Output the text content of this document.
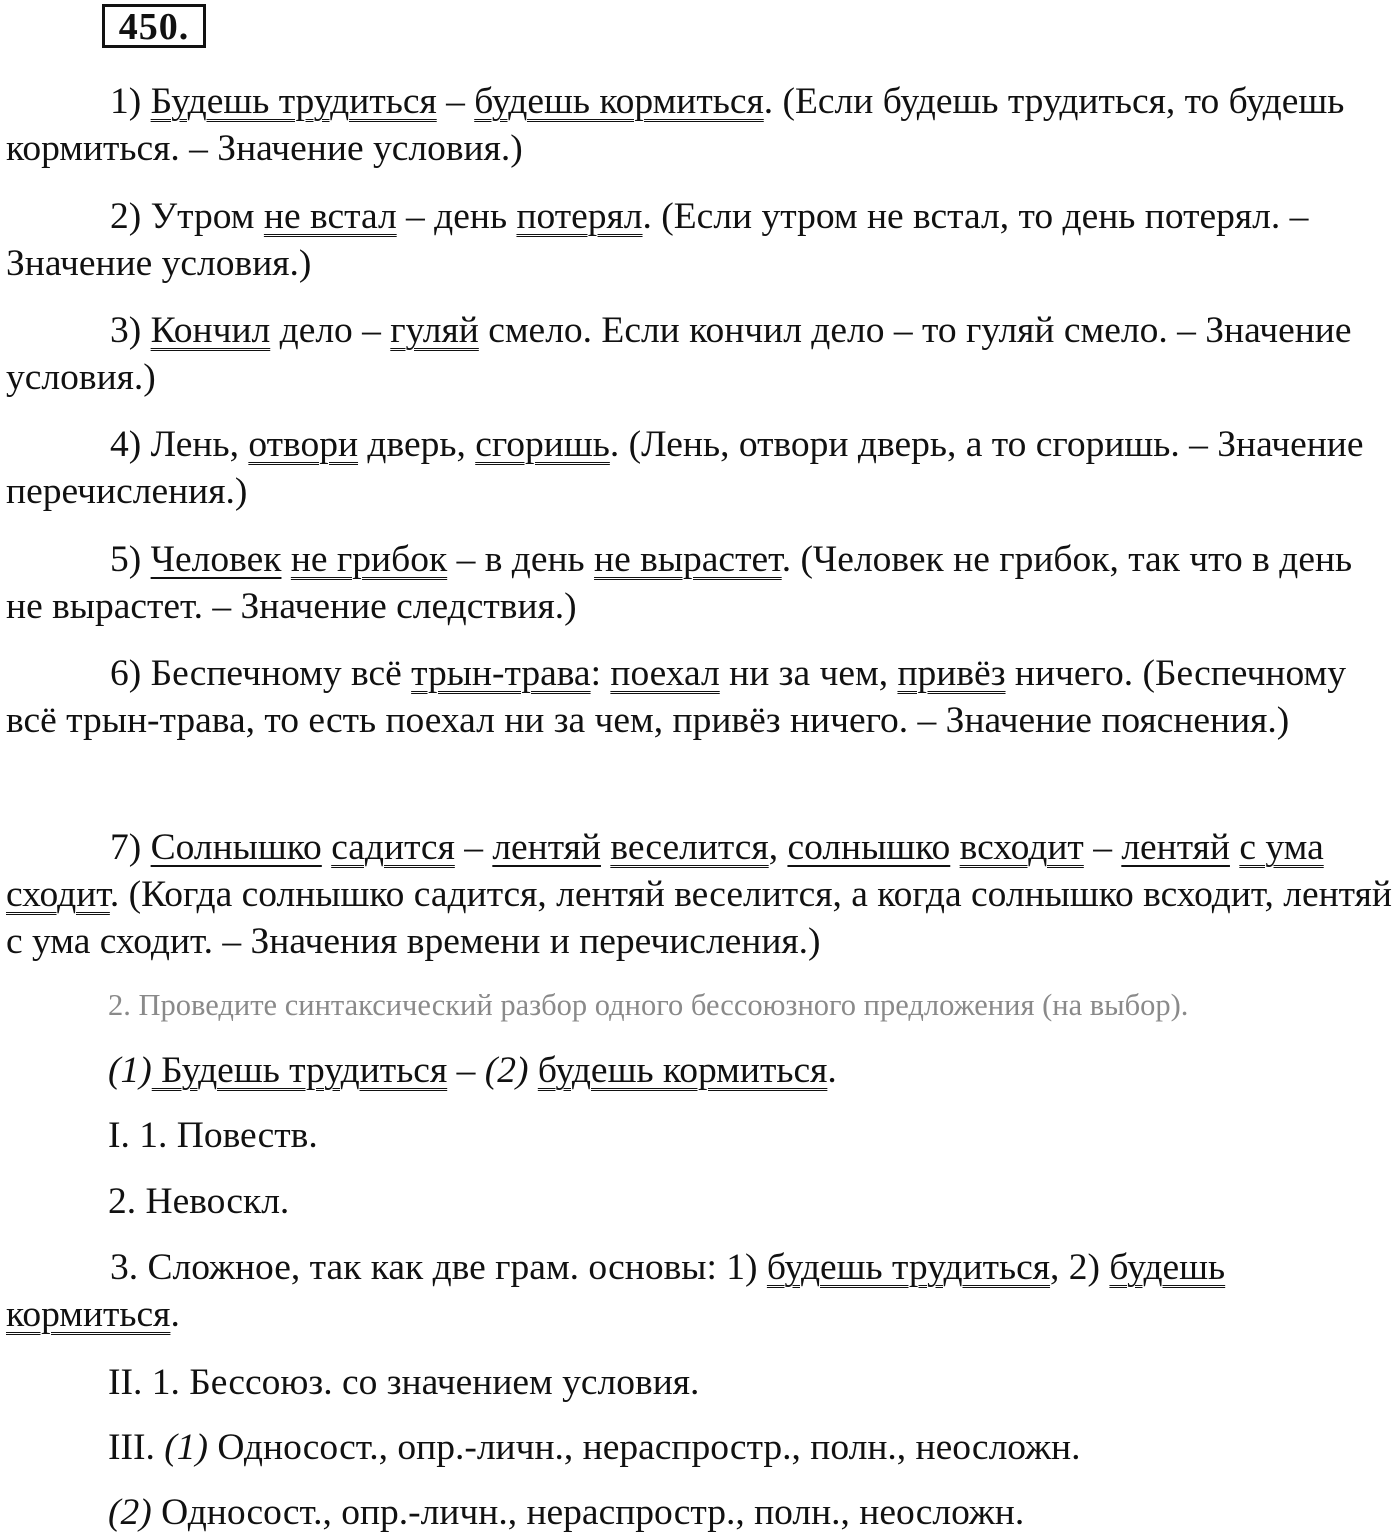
450.

1) Будешь трудиться – будешь кормиться. (Если будешь трудиться, то будешь кормиться. – Значение условия.)

2) Утром не встал – день потерял. (Если утром не встал, то день потерял. – Значение условия.)

3) Кончил дело – гуляй смело. Если кончил дело – то гуляй смело. – Значение условия.)

4) Лень, отвори дверь, сгоришь. (Лень, отвори дверь, а то сгоришь. – Значение перечисления.)

5) Человек не грибок – в день не вырастет. (Человек не грибок, так что в день не вырастет. – Значение следствия.)

6) Беспечному всё трын-трава: поехал ни за чем, привёз ничего. (Беспечному всё трын-трава, то есть поехал ни за чем, привёз ничего. – Значение пояснения.)

7) Солнышко садится – лентяй веселится, солнышко всходит – лентяй с ума сходит. (Когда солнышко садится, лентяй веселится, а когда солнышко всходит, лентяй с ума сходит. – Значения времени и перечисления.)

2. Проведите синтаксический разбор одного бессоюзного предложения (на выбор).

(1) Будешь трудиться – (2) будешь кормиться.

I. 1. Повеств.

2. Невоскл.

3. Сложное, так как две грам. основы: 1) будешь трудиться, 2) будешь кормиться.

II. 1. Бессоюз. со значением условия.

III. (1) Односост., опр.-личн., нераспростр., полн., неосложн.

(2) Односост., опр.-личн., нераспростр., полн., неосложн.
